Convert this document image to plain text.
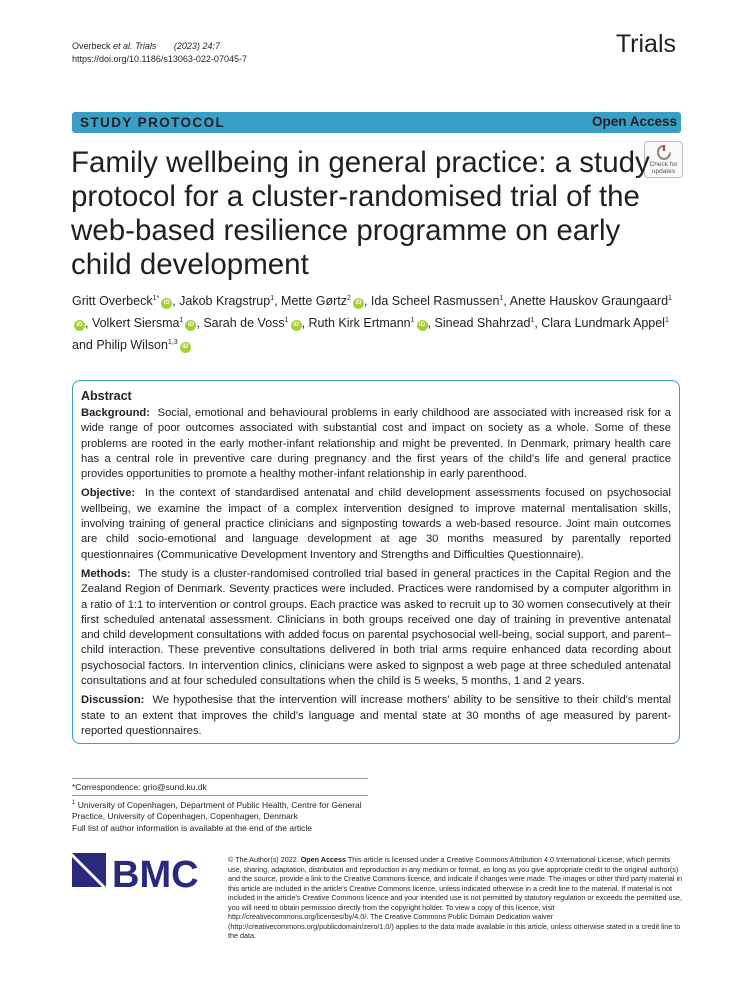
Overbeck et al. Trials (2023) 24:7
https://doi.org/10.1186/s13063-022-07045-7
Trials
STUDY PROTOCOL	Open Access
Check for
updates
Family wellbeing in general practice: a study protocol for a cluster-randomised trial of the web-based resilience programme on early child development
Gritt Overbeck$^{1*}$iD , Jakob Kragstrup$^1$, Mette Gørtz$^2$iD , Ida Scheel Rasmussen$^1$, Anette Hauskov Graungaard$^1$iD , Volkert Siersma$^1$iD , Sarah de Voss$^1$iD , Ruth Kirk Ertmann$^1$iD , Sinead Shahrzad$^1$, Clara Lundmark Appel$^1$ and Philip Wilson$^{1,3}$iD
Abstract

Background: Social, emotional and behavioural problems in early childhood are associated with increased risk for a wide range of poor outcomes associated with substantial cost and impact on society as a whole. Some of these problems are rooted in the early mother-infant relationship and might be prevented. In Denmark, primary health care has a central role in preventive care during pregnancy and the first years of the child's life and general practice provides opportunities to promote a healthy mother-infant relationship in early parenthood.

Objective: In the context of standardised antenatal and child development assessments focused on psychosocial wellbeing, we examine the impact of a complex intervention designed to improve maternal mentalisation skills, involving training of general practice clinicians and signposting towards a web-based resource. Joint main outcomes are child socio-emotional and language development at age 30 months measured by parentally reported questionnaires (Communicative Development Inventory and Strengths and Difficulties Questionnaire).

Methods: The study is a cluster-randomised controlled trial based in general practices in the Capital Region and the Zealand Region of Denmark. Seventy practices were included. Practices were randomised by a computer algorithm in a ratio of 1:1 to intervention or control groups. Each practice was asked to recruit up to 30 women consecutively at their first scheduled antenatal assessment. Clinicians in both groups received one day of training in preventive antenatal and child development consultations with added focus on parental psychosocial well-being, social support, and parent–child interaction. These preventive consultations delivered in both trial arms require enhanced data recording about psychosocial factors. In intervention clinics, clinicians were asked to signpost a web page at three scheduled antenatal consultations and at four scheduled consultations when the child is 5 weeks, 5 months, 1 and 2 years.

Discussion: We hypothesise that the intervention will increase mothers' ability to be sensitive to their child's mental state to an extent that improves the child's language and mental state at 30 months of age measured by parent-reported questionnaires.

*Correspondence: grio@sund.ku.dk
$^1$ University of Copenhagen, Department of Public Health, Centre for General Practice, University of Copenhagen, Copenhagen, Denmark
Full list of author information is available at the end of the article
BMC	© The Author(s) 2022. Open Access This article is licensed under a Creative Commons Attribution 4.0 International License, which permits use, sharing, adaptation, distribution and reproduction in any medium or format, as long as you give appropriate credit to the original author(s) and the source, provide a link to the Creative Commons licence, and indicate if changes were made. The images or other third party material in this article are included in the article's Creative Commons licence, unless indicated otherwise in a credit line to the material. If material is not included in the article's Creative Commons licence and your intended use is not permitted by statutory regulation or exceeds the permitted use, you will need to obtain permission directly from the copyright holder. To view a copy of this licence, visit http://creativecommons.org/licenses/by/4.0/. The Creative Commons Public Domain Dedication waiver (http://creativecommons.org/publicdomain/zero/1.0/) applies to the data made available in this article, unless otherwise stated in a credit line to the data.
